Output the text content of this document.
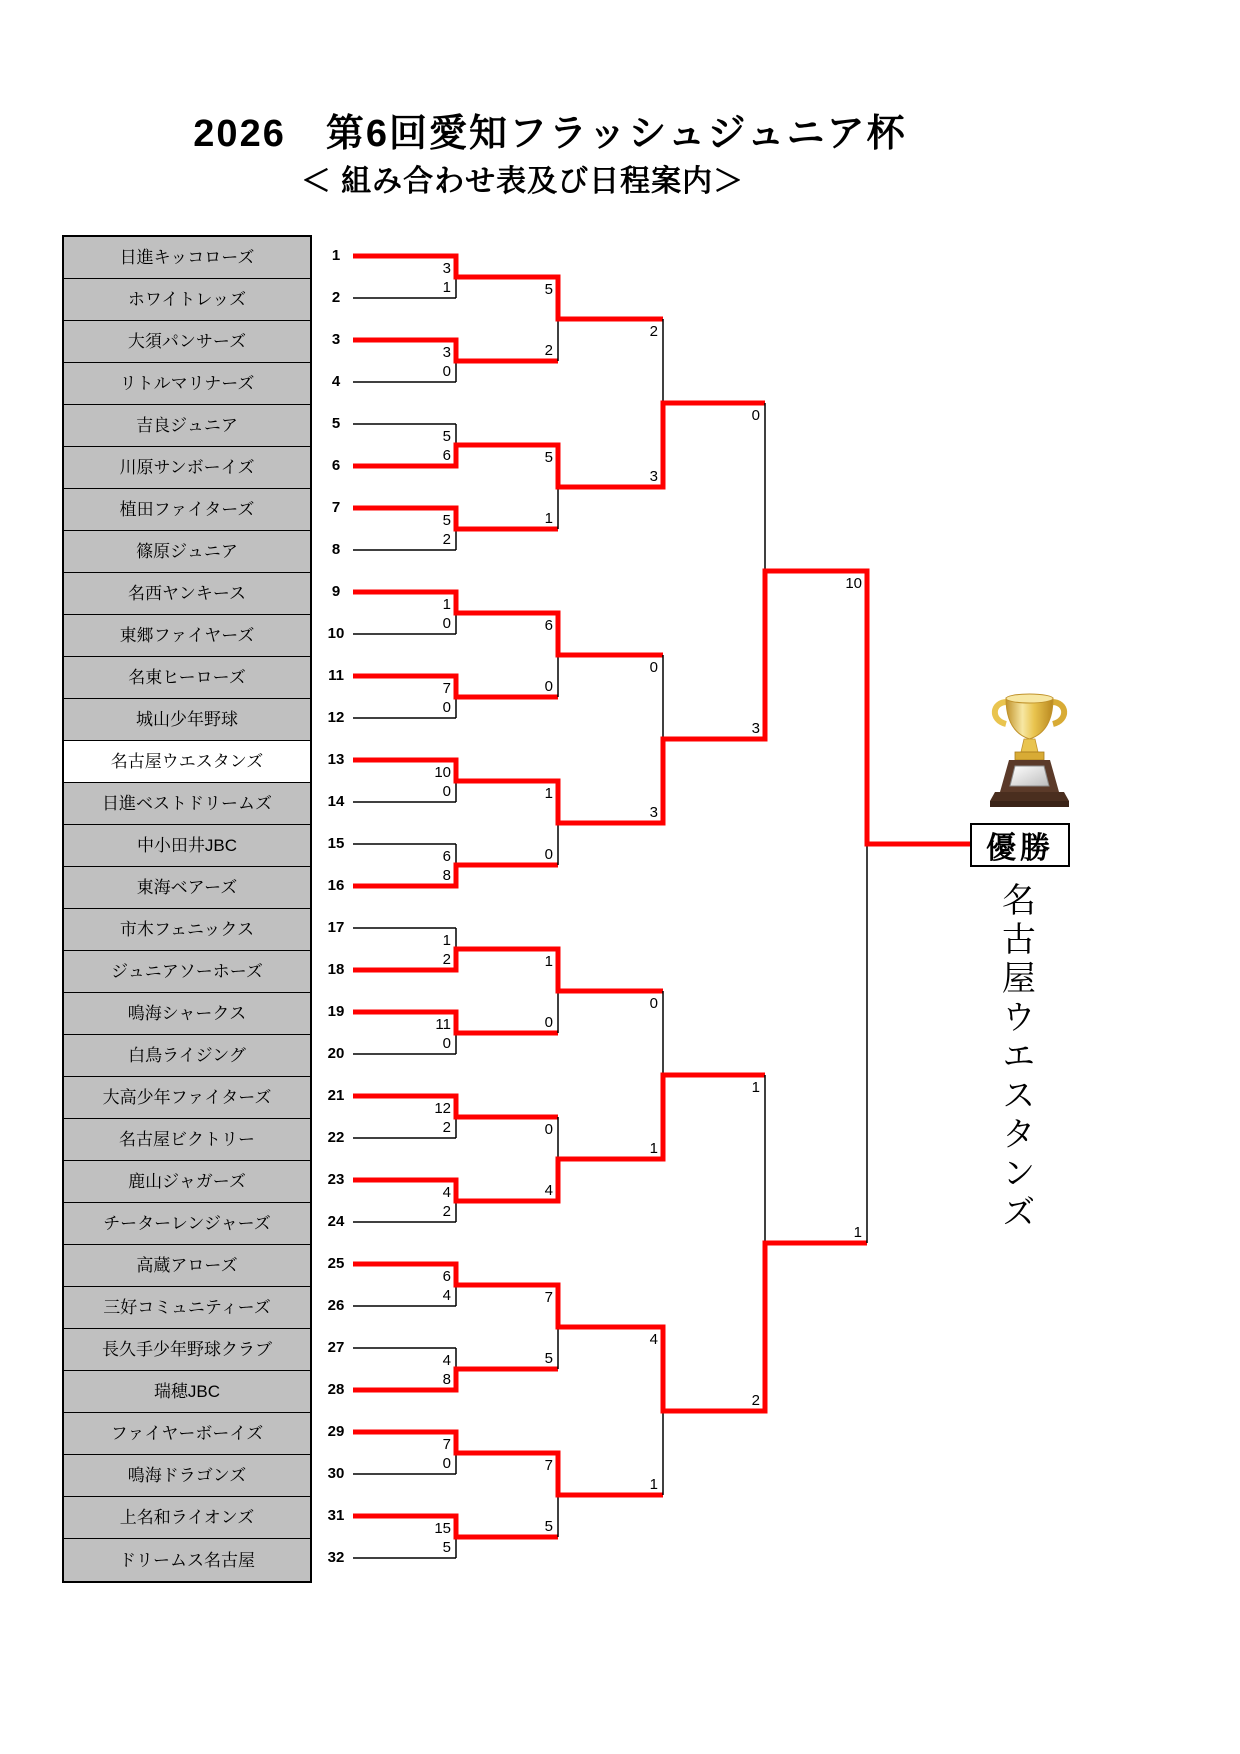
2026　第6回愛知フラッシュジュニア杯
＜ 組み合わせ表及び日程案内＞
日進キッコローズ
ホワイトレッズ
大須パンサーズ
リトルマリナーズ
吉良ジュニア
川原サンボーイズ
植田ファイターズ
篠原ジュニア
名西ヤンキース
東郷ファイヤーズ
名東ヒーローズ
城山少年野球
名古屋ウエスタンズ
日進ベストドリームズ
中小田井JBC
東海ベアーズ
市木フェニックス
ジュニアソーホーズ
鳴海シャークス
白鳥ライジング
大高少年ファイターズ
名古屋ビクトリー
鹿山ジャガーズ
チーターレンジャーズ
高蔵アローズ
三好コミュニティーズ
長久手少年野球クラブ
瑞穂JBC
ファイヤーボーイズ
鳴海ドラゴンズ
上名和ライオンズ
ドリームス名古屋
1
2
3
4
5
6
7
8
9
10
11
12
13
14
15
16
17
18
19
20
21
22
23
24
25
26
27
28
29
30
31
32
3
1
3
0
5
6
5
2
1
0
7
0
10
0
6
8
1
2
11
0
12
2
4
2
6
4
4
8
7
0
15
5
5
2
5
1
6
0
1
0
1
0
0
4
7
5
7
5
2
3
0
3
0
1
4
1
0
3
1
2
10
1
優勝
名古屋ウエスタンズ
